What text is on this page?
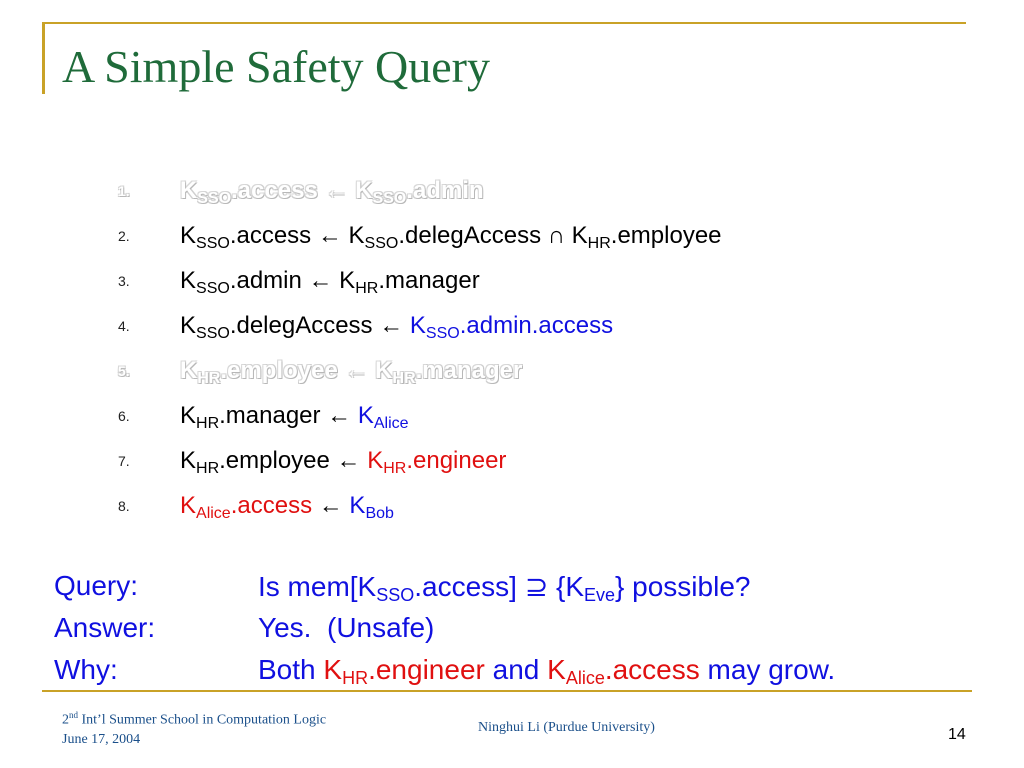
A Simple Safety Query
1.	$K_{SSO}.access$ ← $K_{SSO}.admin$
2.	$K_{SSO}.access$ ← $K_{SSO}.delegAccess$ ∩ $K_{HR}.employee$
3.	$K_{SSO}.admin$ ← $K_{HR}.manager$
4.	$K_{SSO}.delegAccess$ ← $K_{SSO}.admin.access$
5.	$K_{HR}.employee$ ← $K_{HR}.manager$
6.	$K_{HR}.manager$ ← $K_{Alice}$
7.	$K_{HR}.employee$ ← $K_{HR}.engineer$
8.	$K_{Alice}.access$ ← $K_{Bob}$
Query:	Is $mem[K_{SSO}.access]$ ⊇ $\{K_{Eve}\}$ possible?
Answer:	Yes.  (Unsafe)
Why:	Both $K_{HR}.engineer$ and $K_{Alice}.access$ may grow.
2nd Int’l Summer School in Computation Logic
June 17, 2004
Ninghui Li (Purdue University)	14
